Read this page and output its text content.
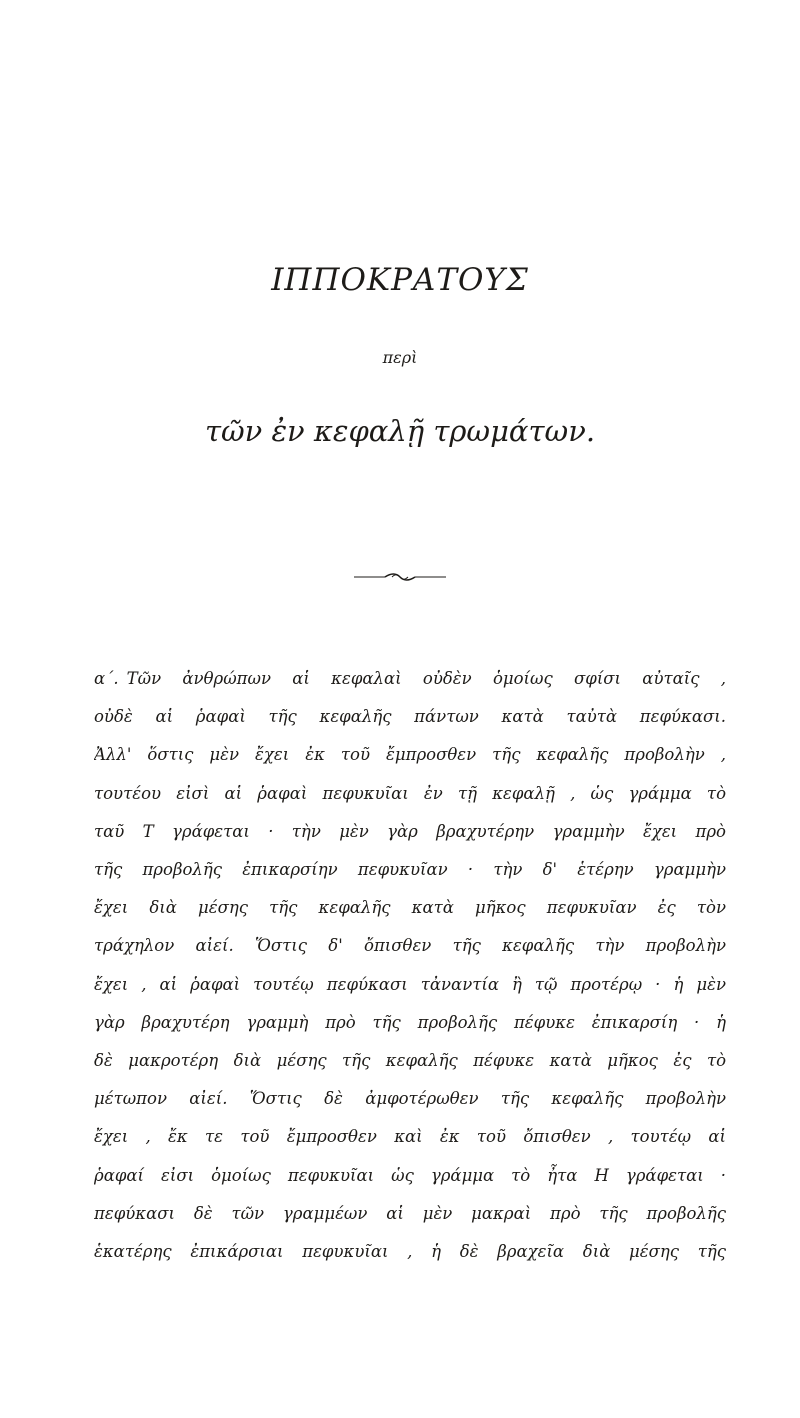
ΙΠΠΟΚΡΑΤΟΥΣ
περὶ
τῶν ἐν κεφαλῇ τρωμάτων.
α΄. Τῶν ἀνθρώπων αἱ κεφαλαὶ οὐδὲν ὁμοίως σφίσι αὐταῖς ,
οὐδὲ αἱ ῥαφαὶ τῆς κεφαλῆς πάντων κατὰ ταὐτὰ πεφύκασι.
Ἀλλ' ὅστις μὲν ἔχει ἐκ τοῦ ἔμπροσθεν τῆς κεφαλῆς προβολὴν ,
τουτέου εἰσὶ αἱ ῥαφαὶ πεφυκυῖαι ἐν τῇ κεφαλῇ , ὡς γράμμα τὸ
ταῦ Τ γράφεται · τὴν μὲν γὰρ βραχυτέρην γραμμὴν ἔχει πρὸ
τῆς προβολῆς ἐπικαρσίην πεφυκυῖαν · τὴν δ' ἑτέρην γραμμὴν
ἔχει διὰ μέσης τῆς κεφαλῆς κατὰ μῆκος πεφυκυῖαν ἐς τὸν
τράχηλον αἰεί. Ὅστις δ' ὄπισθεν τῆς κεφαλῆς τὴν προβολὴν
ἔχει , αἱ ῥαφαὶ τουτέῳ πεφύκασι τἀναντία ἢ τῷ προτέρῳ · ἡ μὲν
γὰρ βραχυτέρη γραμμὴ πρὸ τῆς προβολῆς πέφυκε ἐπικαρσίη · ἡ
δὲ μακροτέρη διὰ μέσης τῆς κεφαλῆς πέφυκε κατὰ μῆκος ἐς τὸ
μέτωπον αἰεί. Ὅστις δὲ ἀμφοτέρωθεν τῆς κεφαλῆς προβολὴν
ἔχει , ἔκ τε τοῦ ἔμπροσθεν καὶ ἐκ τοῦ ὄπισθεν , τουτέῳ αἱ
ῥαφαί εἰσι ὁμοίως πεφυκυῖαι ὡς γράμμα τὸ ἦτα Η γράφεται ·
πεφύκασι δὲ τῶν γραμμέων αἱ μὲν μακραὶ πρὸ τῆς προβολῆς
ἑκατέρης ἐπικάρσιαι πεφυκυῖαι , ἡ δὲ βραχεῖα διὰ μέσης τῆς
